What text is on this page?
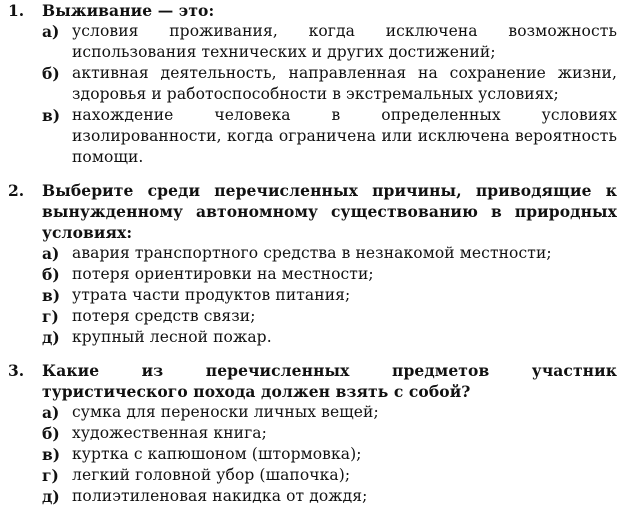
1.	Выживание — это:
а) условия проживания, когда исключена возможность использования технических и других достижений;
б) активная деятельность, направленная на сохранение жизни, здоровья и работоспособности в экстремальных условиях;
в) нахождение человека в определенных условиях изолированности, когда ограничена или исключена вероятность помощи.
2.	Выберите среди перечисленных причины, приводящие к вынужденному автономному существованию в природных условиях:
а) авария транспортного средства в незнакомой местности;
б) потеря ориентировки на местности;
в) утрата части продуктов питания;
г) потеря средств связи;
д) крупный лесной пожар.
3.	Какие из перечисленных предметов участник туристического похода должен взять с собой?
а) сумка для переноски личных вещей;
б) художественная книга;
в) куртка с капюшоном (штормовка);
г) легкий головной убор (шапочка);
д) полиэтиленовая накидка от дождя;
